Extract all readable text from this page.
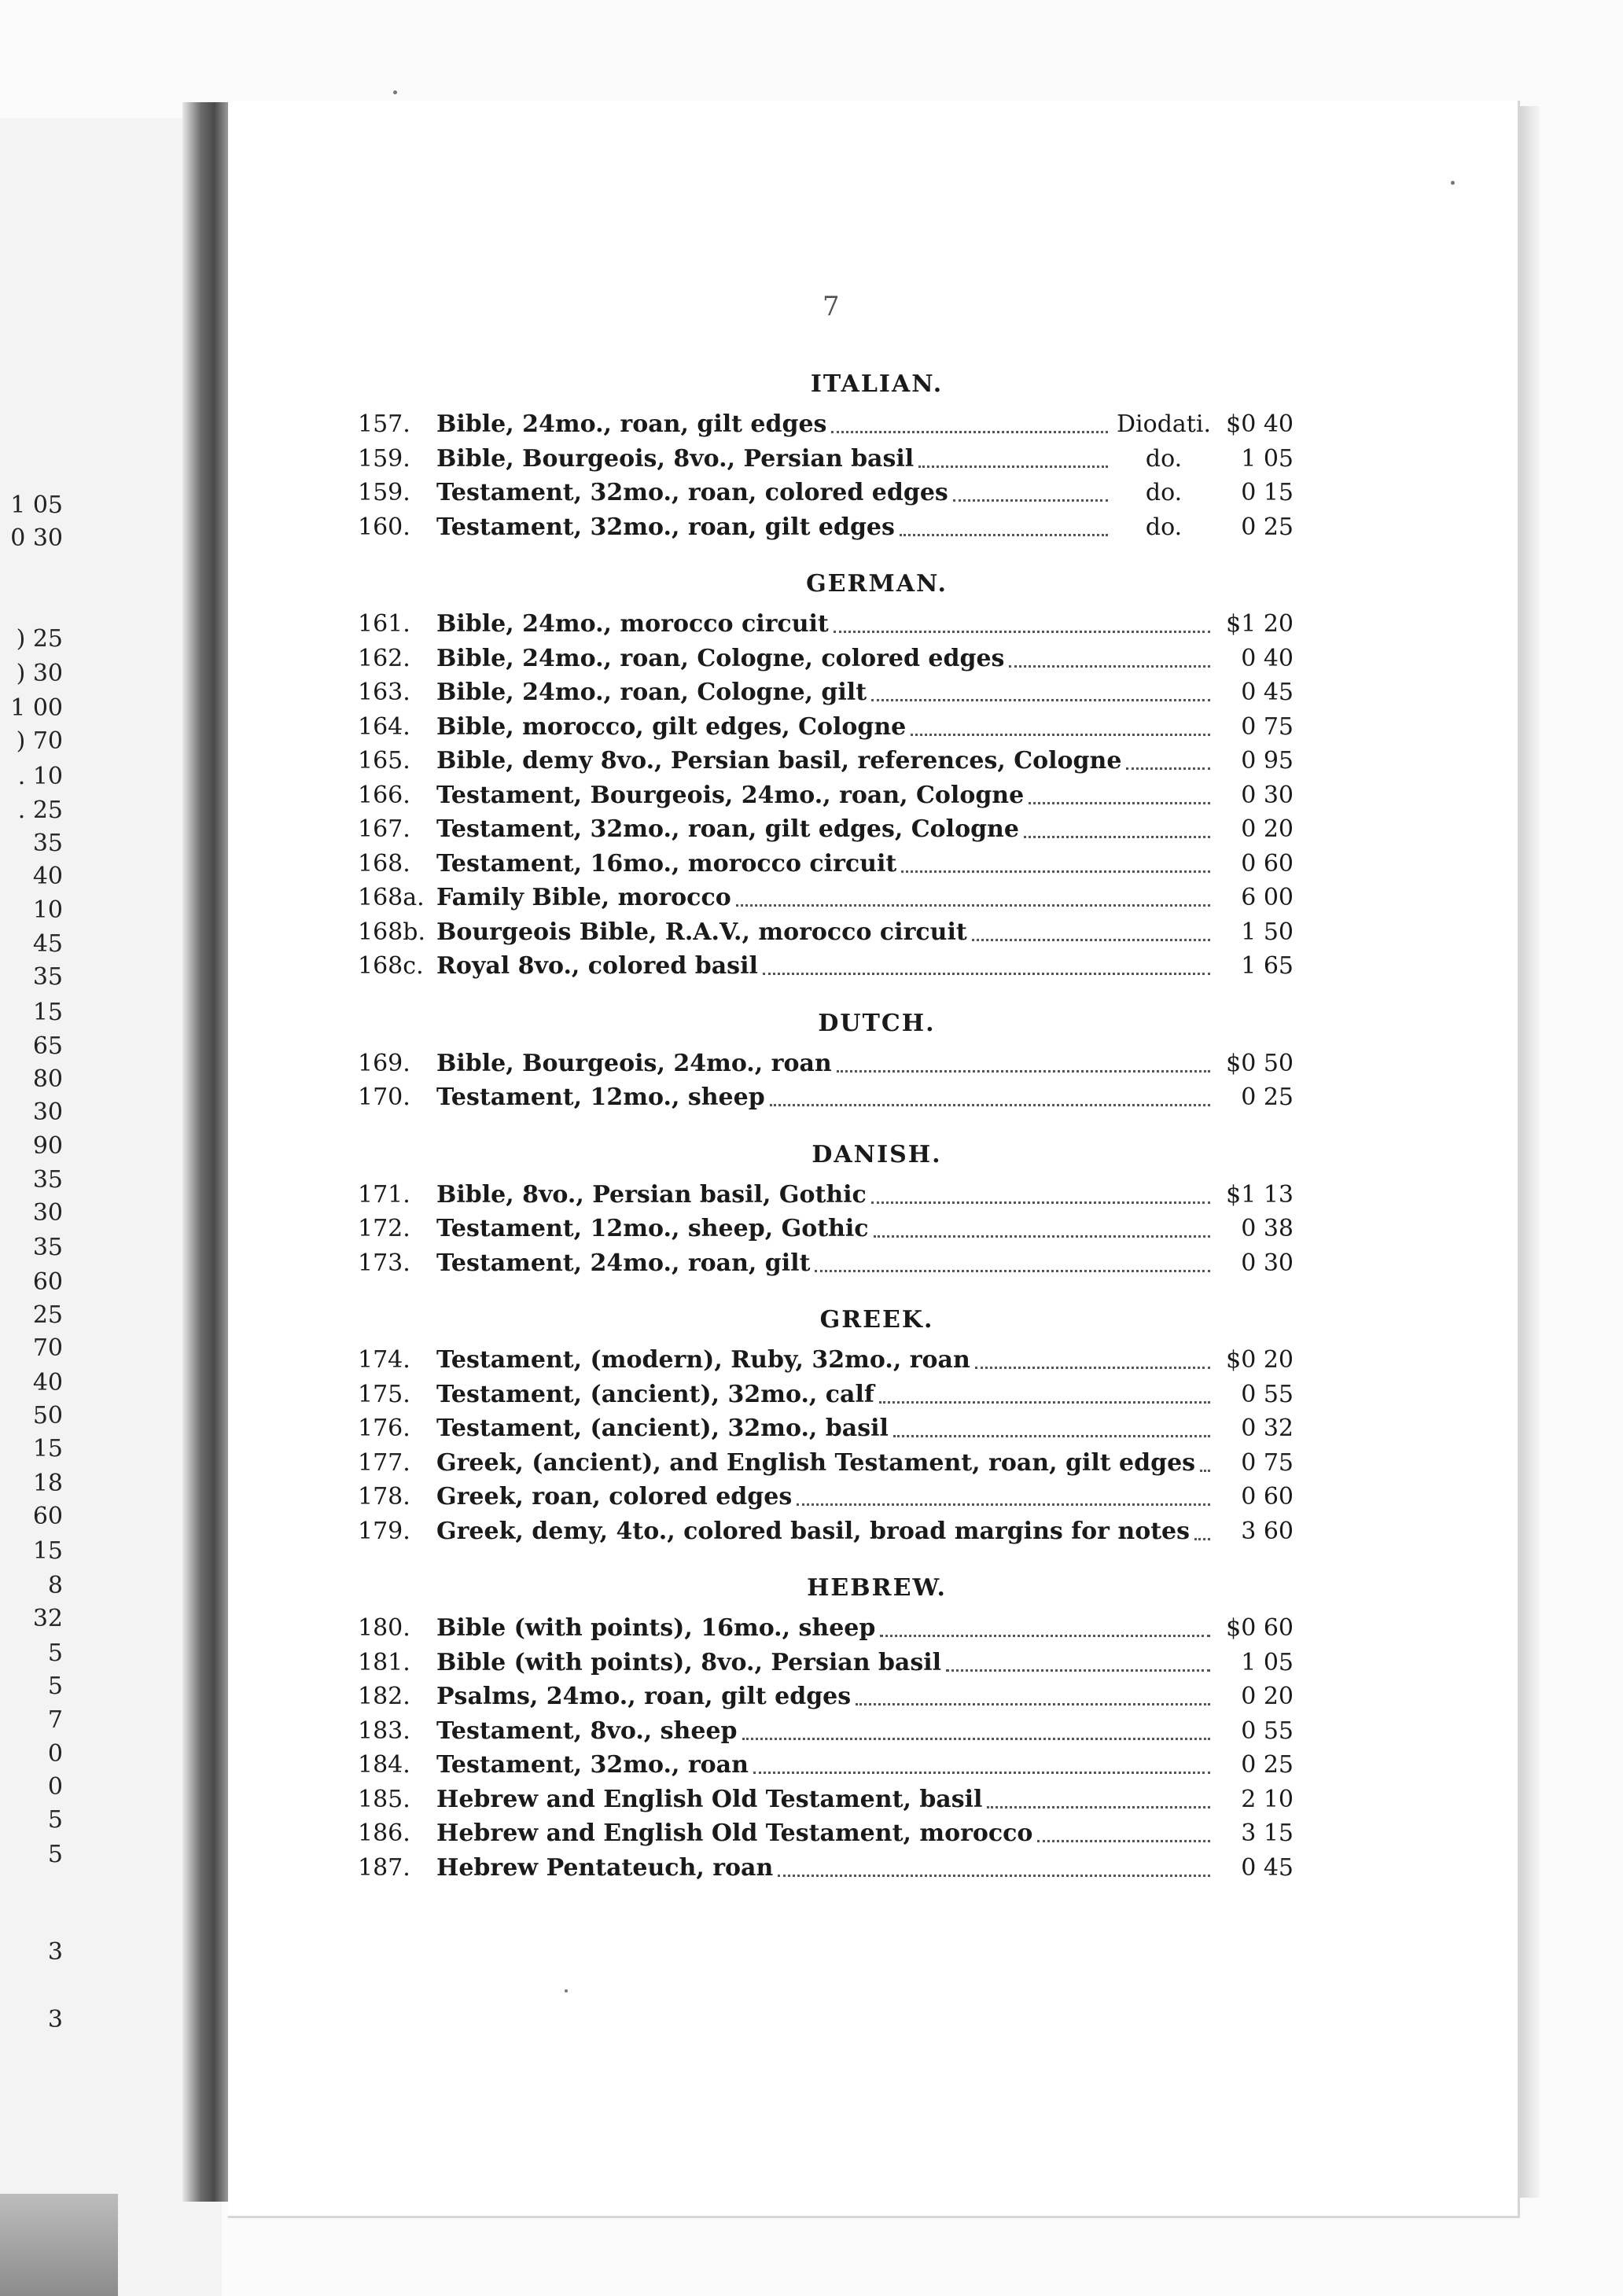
1 05
0 30
) 25
) 30
1 00
) 70
. 10
. 25
35
40
10
45
35
15
65
80
30
90
35
30
35
60
25
70
40
50
15
18
60
15
8
32
5
5
7
0
0
5
5
3
3
7
ITALIAN.
157.	Bible, 24mo., roan, gilt edges	Diodati. $0 40
159.	Bible, Bourgeois, 8vo., Persian basil	do.	1 05
159.	Testament, 32mo., roan, colored edges	do.	0 15
160.	Testament, 32mo., roan, gilt edges	do.	0 25
GERMAN.
161.	Bible, 24mo., morocco circuit	$1 20
162.	Bible, 24mo., roan, Cologne, colored edges	0 40
163.	Bible, 24mo., roan, Cologne, gilt	0 45
164.	Bible, morocco, gilt edges, Cologne	0 75
165.	Bible, demy 8vo., Persian basil, references, Cologne	0 95
166.	Testament, Bourgeois, 24mo., roan, Cologne	0 30
167.	Testament, 32mo., roan, gilt edges, Cologne	0 20
168.	Testament, 16mo., morocco circuit	0 60
168a. Family Bible, morocco	6 00
168b. Bourgeois Bible, R.A.V., morocco circuit	1 50
168c. Royal 8vo., colored basil	1 65
DUTCH.
169.	Bible, Bourgeois, 24mo., roan	$0 50
170.	Testament, 12mo., sheep	0 25
DANISH.
171.	Bible, 8vo., Persian basil, Gothic	$1 13
172.	Testament, 12mo., sheep, Gothic	0 38
173.	Testament, 24mo., roan, gilt	0 30
GREEK.
174.	Testament, (modern), Ruby, 32mo., roan	$0 20
175.	Testament, (ancient), 32mo., calf	0 55
176.	Testament, (ancient), 32mo., basil	0 32
177.	Greek, (ancient), and English Testament, roan, gilt edges	0 75
178.	Greek, roan, colored edges	0 60
179.	Greek, demy, 4to., colored basil, broad margins for notes	3 60
HEBREW.
180.	Bible (with points), 16mo., sheep	$0 60
181.	Bible (with points), 8vo., Persian basil	1 05
182.	Psalms, 24mo., roan, gilt edges	0 20
183.	Testament, 8vo., sheep	0 55
184.	Testament, 32mo., roan	0 25
185.	Hebrew and English Old Testament, basil	2 10
186.	Hebrew and English Old Testament, morocco	3 15
187.	Hebrew Pentateuch, roan	0 45
